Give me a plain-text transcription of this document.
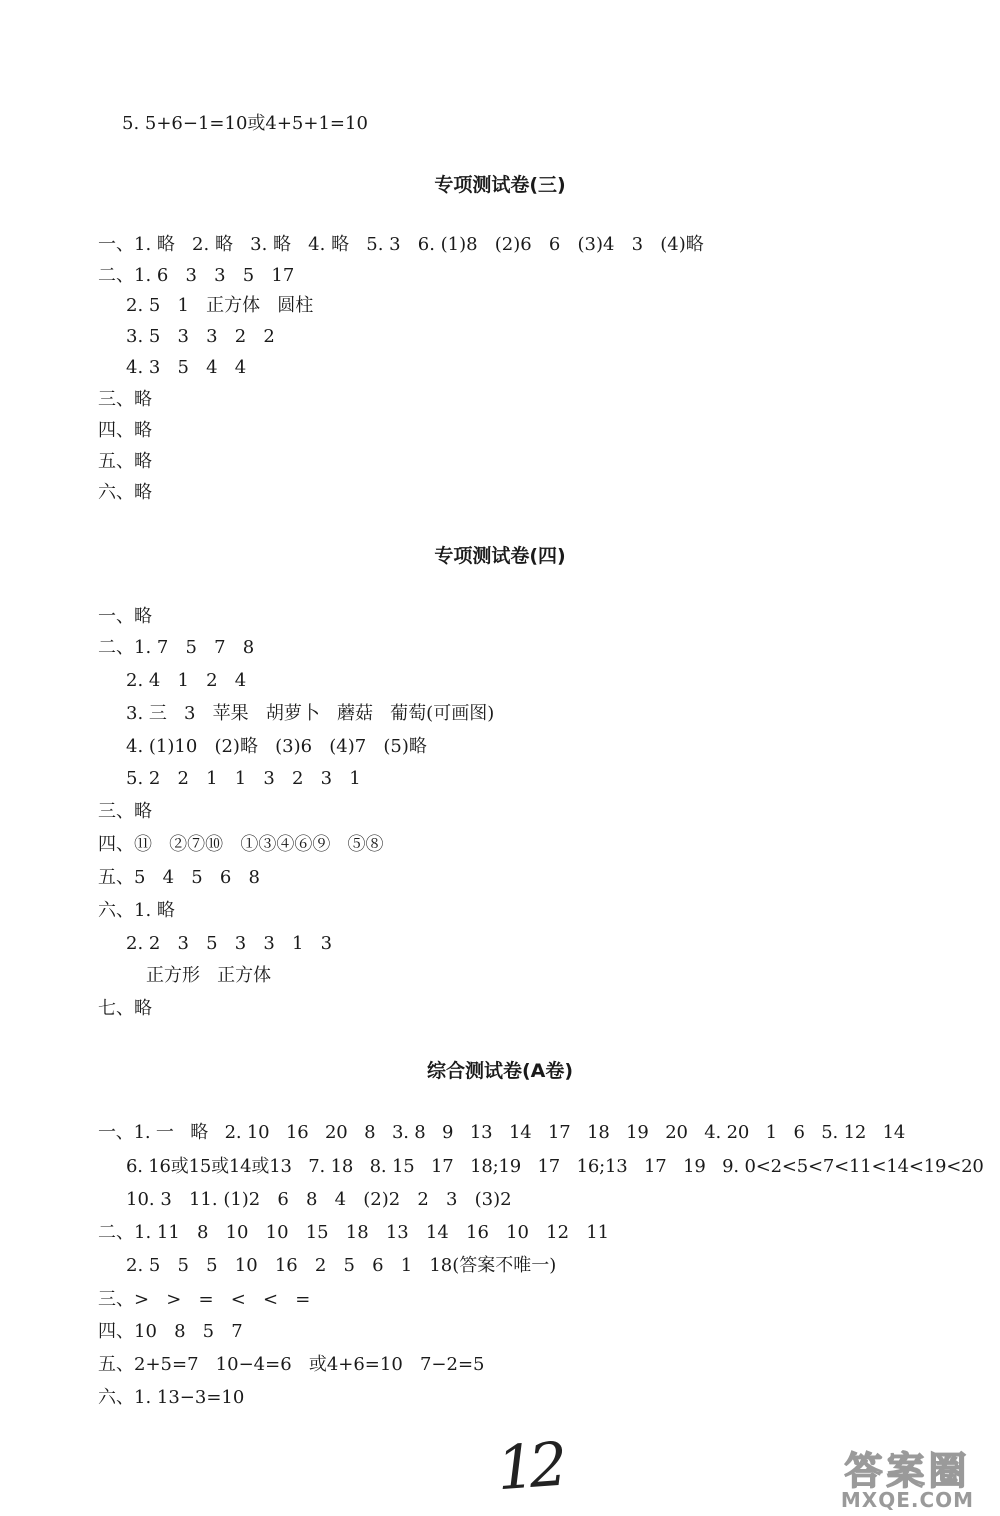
5. 5+6−1=10或4+5+1=10
专项测试卷(三)
一、1. 略   2. 略   3. 略   4. 略   5. 3   6. (1)8   (2)6   6   (3)4   3   (4)略
二、1. 6   3   3   5   17
2. 5   1   正方体   圆柱
3. 5   3   3   2   2
4. 3   5   4   4
三、略
四、略
五、略
六、略
专项测试卷(四)
一、略
二、1. 7   5   7   8
2. 4   1   2   4
3. 三   3   苹果   胡萝卜   蘑菇   葡萄(可画图)
4. (1)10   (2)略   (3)6   (4)7   (5)略
5. 2   2   1   1   3   2   3   1
三、略
四、⑪   ②⑦⑩   ①③④⑥⑨   ⑤⑧
五、5   4   5   6   8
六、1. 略
2. 2   3   5   3   3   1   3
正方形   正方体
七、略
综合测试卷(A卷)
一、1. 一   略   2. 10   16   20   8   3. 8   9   13   14   17   18   19   20   4. 20   1   6   5. 12   14
6. 16或15或14或13   7. 18   8. 15   17   18;19   17   16;13   17   19   9. 0<2<5<7<11<14<19<20
10. 3   11. (1)2   6   8   4   (2)2   2   3   (3)2
二、1. 11   8   10   10   15   18   13   14   16   10   12   11
2. 5   5   5   10   16   2   5   6   1   18(答案不唯一)
三、>   >   =   <   <   =
四、10   8   5   7
五、2+5=7   10−4=6   或4+6=10   7−2=5
六、1. 13−3=10
12	答案圈
MXQE.COM
